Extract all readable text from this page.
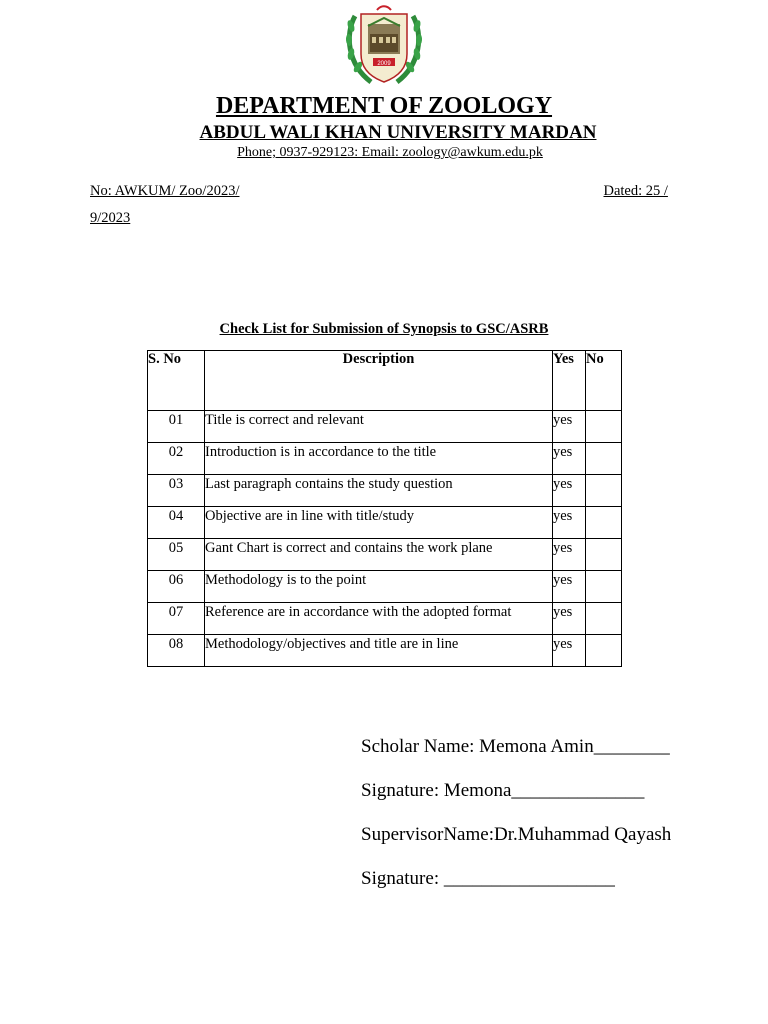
2009
DEPARTMENT OF ZOOLOGY
ABDUL WALI KHAN UNIVERSITY MARDAN
Phone; 0937-929123: Email: zoology@awkum.edu.pk
No: AWKUM/ Zoo/2023/	Dated: 25 /
9/2023
Check List for Submission of Synopsis to GSC/ASRB
S. No	Description	Yes	No
01	Title is correct and relevant	yes	
02	Introduction is in accordance to the title	yes	
03	Last paragraph contains the study question	yes	
04	Objective are in line with title/study	yes	
05	Gant Chart is correct and contains the work plane	yes	
06	Methodology is to the point	yes	
07	Reference are in accordance with the adopted format	yes	
08	Methodology/objectives and title are in line	yes	
Scholar Name: Memona Amin________
Signature: Memona______________
SupervisorName:Dr.Muhammad Qayash
Signature: __________________
